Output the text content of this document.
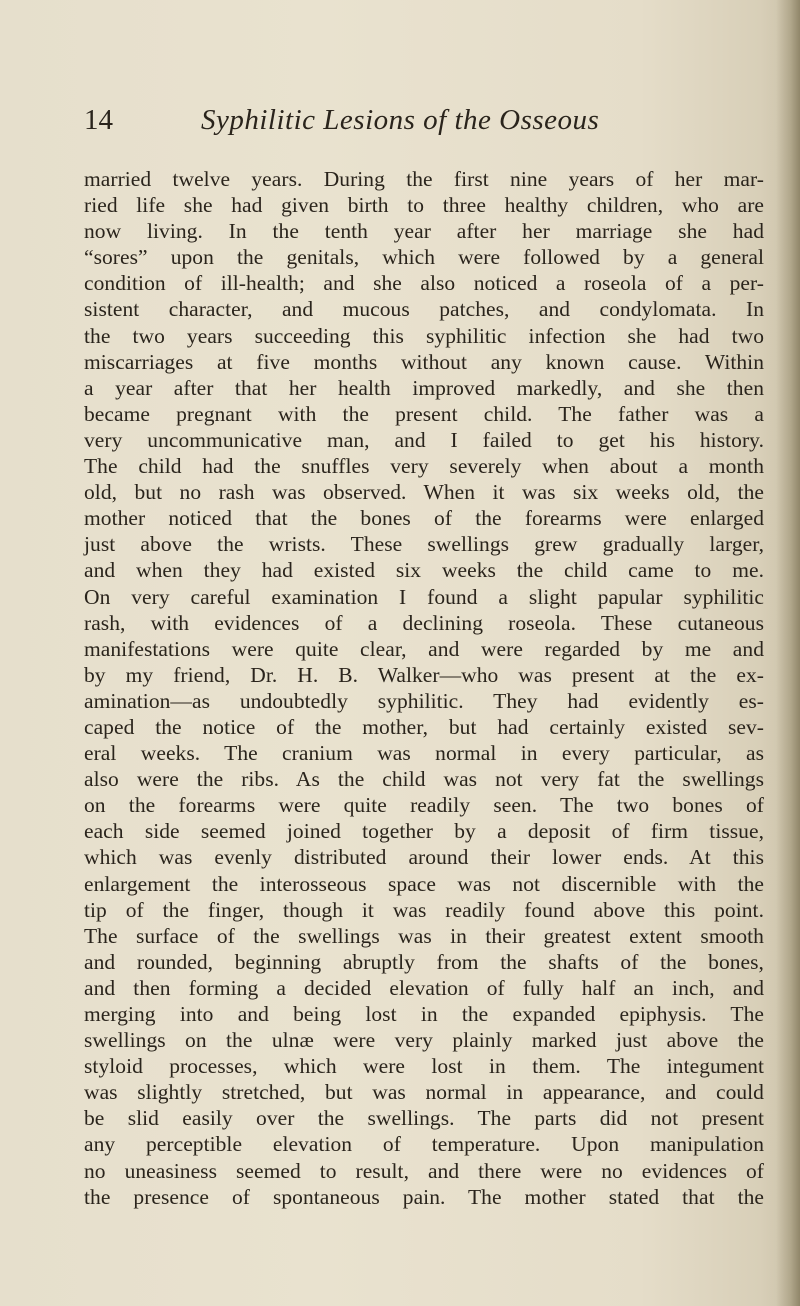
14	Syphilitic Lesions of the Osseous
married twelve years. During the first nine years of her mar-
ried life she had given birth to three healthy children, who are
now living. In the tenth year after her marriage she had
“sores” upon the genitals, which were followed by a general
condition of ill-health; and she also noticed a roseola of a per-
sistent character, and mucous patches, and condylomata. In
the two years succeeding this syphilitic infection she had two
miscarriages at five months without any known cause. Within
a year after that her health improved markedly, and she then
became pregnant with the present child. The father was a
very uncommunicative man, and I failed to get his history.
The child had the snuffles very severely when about a month
old, but no rash was observed. When it was six weeks old, the
mother noticed that the bones of the forearms were enlarged
just above the wrists. These swellings grew gradually larger,
and when they had existed six weeks the child came to me.
On very careful examination I found a slight papular syphilitic
rash, with evidences of a declining roseola. These cutaneous
manifestations were quite clear, and were regarded by me and
by my friend, Dr. H. B. Walker—who was present at the ex-
amination—as undoubtedly syphilitic. They had evidently es-
caped the notice of the mother, but had certainly existed sev-
eral weeks. The cranium was normal in every particular, as
also were the ribs. As the child was not very fat the swellings
on the forearms were quite readily seen. The two bones of
each side seemed joined together by a deposit of firm tissue,
which was evenly distributed around their lower ends. At this
enlargement the interosseous space was not discernible with the
tip of the finger, though it was readily found above this point.
The surface of the swellings was in their greatest extent smooth
and rounded, beginning abruptly from the shafts of the bones,
and then forming a decided elevation of fully half an inch, and
merging into and being lost in the expanded epiphysis. The
swellings on the ulnæ were very plainly marked just above the
styloid processes, which were lost in them. The integument
was slightly stretched, but was normal in appearance, and could
be slid easily over the swellings. The parts did not present
any perceptible elevation of temperature. Upon manipulation
no uneasiness seemed to result, and there were no evidences of
the presence of spontaneous pain. The mother stated that the
